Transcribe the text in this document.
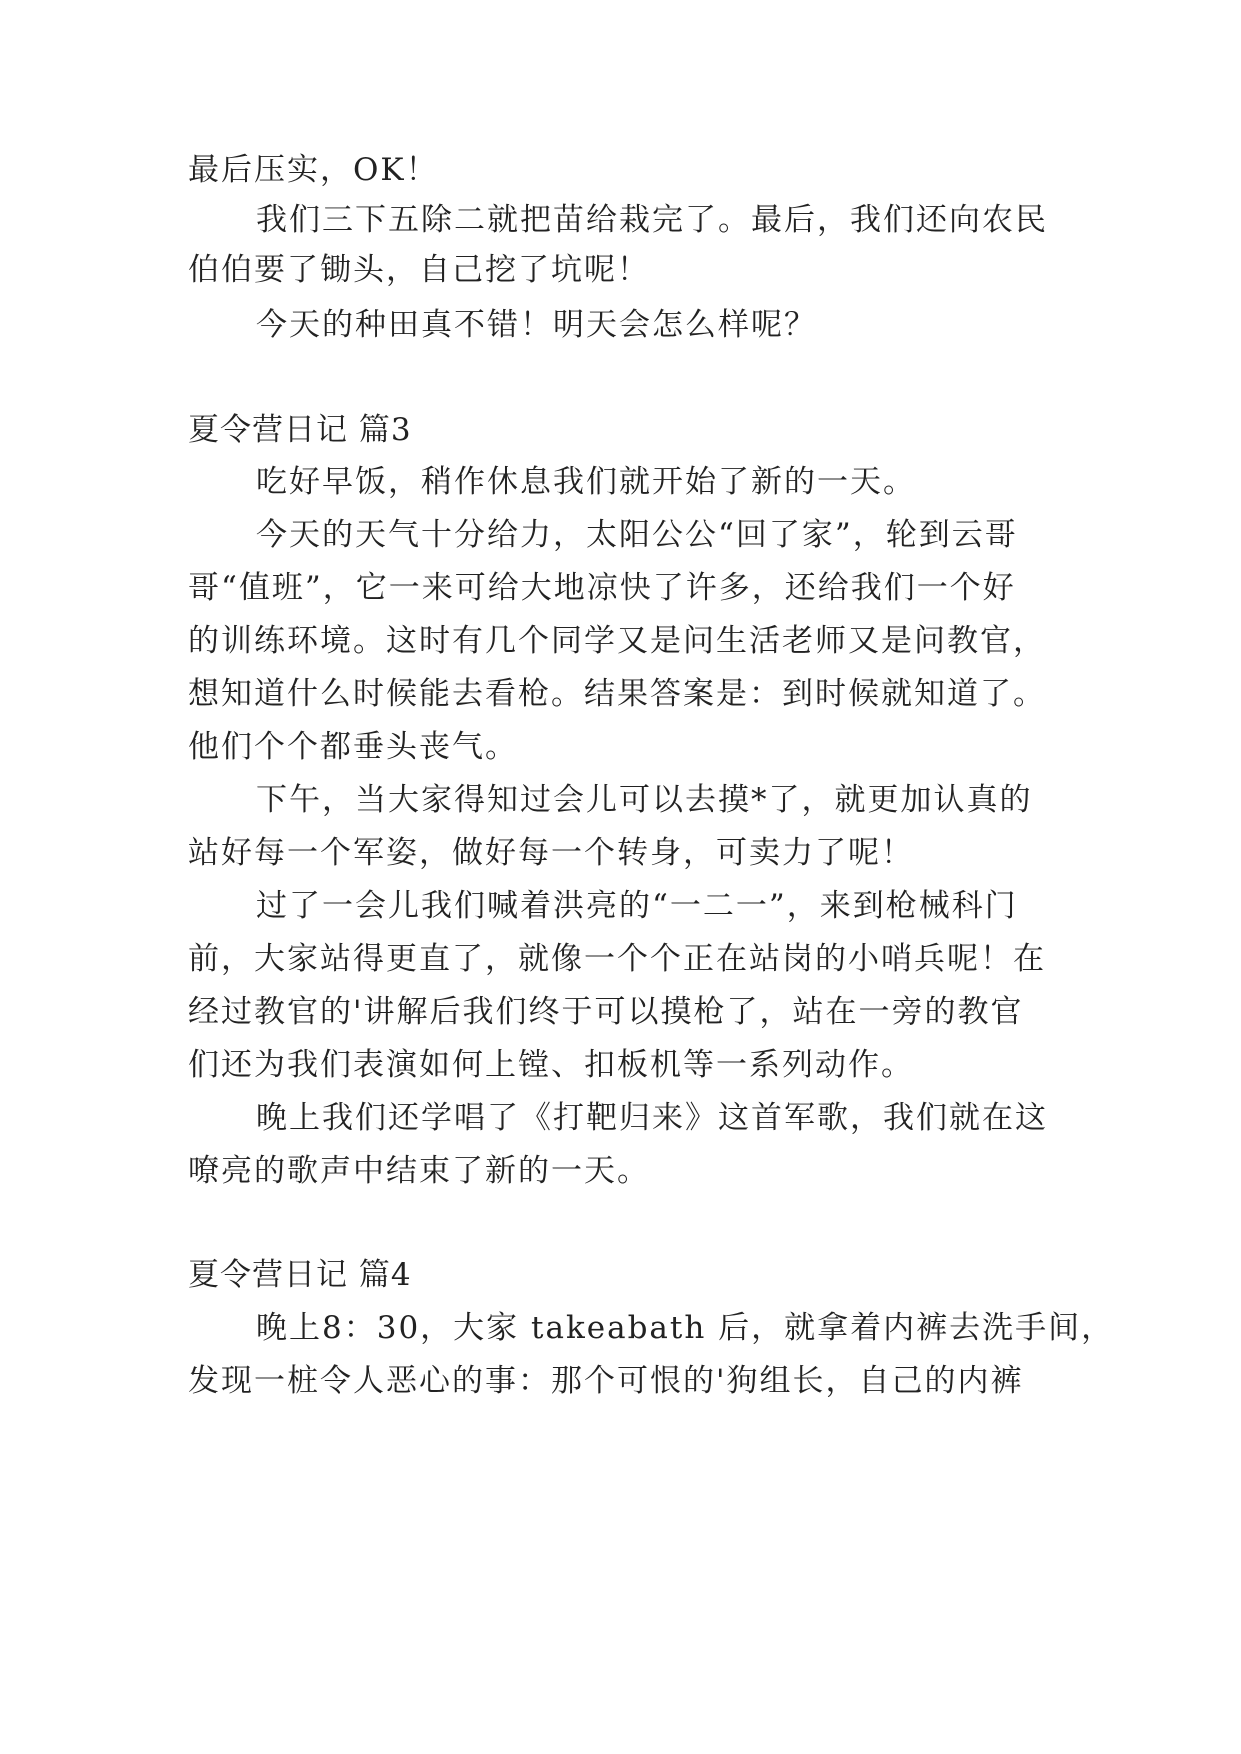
最后压实，OK！
我们三下五除二就把苗给栽完了。最后，我们还向农民
伯伯要了锄头，自己挖了坑呢！
今天的种田真不错！明天会怎么样呢？
夏令营日记 篇3
吃好早饭，稍作休息我们就开始了新的一天。
今天的天气十分给力，太阳公公“回了家”，轮到云哥
哥“值班”，它一来可给大地凉快了许多，还给我们一个好
的训练环境。这时有几个同学又是问生活老师又是问教官，
想知道什么时候能去看枪。结果答案是：到时候就知道了。
他们个个都垂头丧气。
下午，当大家得知过会儿可以去摸*了，就更加认真的
站好每一个军姿，做好每一个转身，可卖力了呢！
过了一会儿我们喊着洪亮的“一二一”，来到枪械科门
前，大家站得更直了，就像一个个正在站岗的小哨兵呢！在
经过教官的'讲解后我们终于可以摸枪了，站在一旁的教官
们还为我们表演如何上镗、扣板机等一系列动作。
晚上我们还学唱了《打靶归来》这首军歌，我们就在这
嘹亮的歌声中结束了新的一天。
夏令营日记 篇4
晚上8：30，大家 takeabath 后，就拿着内裤去洗手间，
发现一桩令人恶心的事：那个可恨的'狗组长，自己的内裤
